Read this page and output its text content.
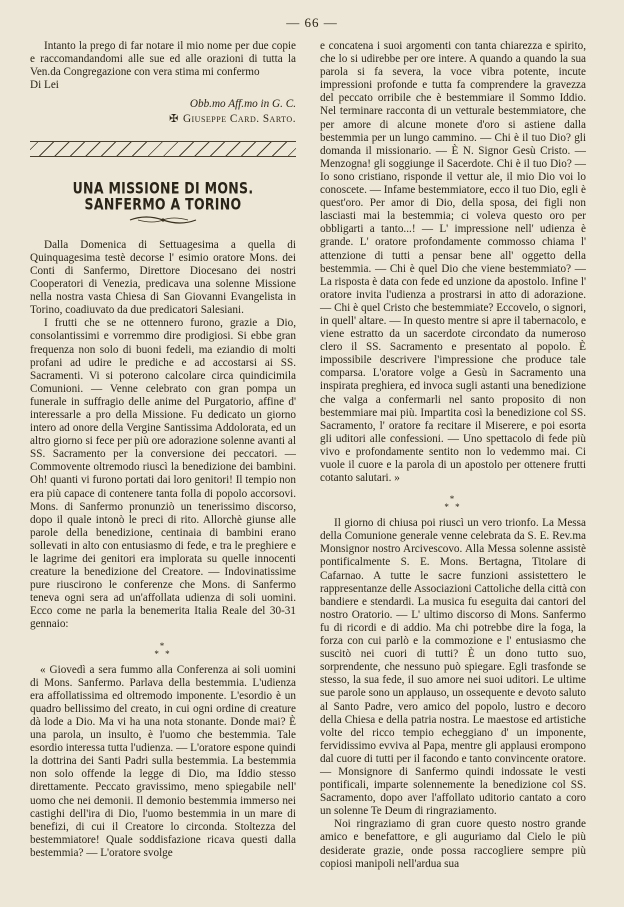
— 66 —

Intanto la prego di far notare il mio nome per due copie e raccomandandomi alle sue ed alle orazioni di tutta la Ven.da Congregazione con vera stima mi confermo

Di Lei

Obb.mo Aff.mo in G. C.

✠ Giuseppe Card. Sarto.

UNA MISSIONE DI MONS. SANFERMO A TORINO

Dalla Domenica di Settuagesima a quella di Quinquagesima testè decorse l' esimio oratore Mons. dei Conti di Sanfermo, Direttore Diocesano dei nostri Cooperatori di Venezia, predicava una solenne Missione nella nostra vasta Chiesa di San Giovanni Evangelista in Torino, coadiuvato da due predicatori Salesiani.

I frutti che se ne ottennero furono, grazie a Dio, consolantissimi e vorremmo dire prodigiosi. Si ebbe gran frequenza non solo di buoni fedeli, ma eziandio di molti profani ad udire le prediche e ad accostarsi ai SS. Sacramenti. Vi si poterono calcolare circa quindicimila Comunioni. — Venne celebrato con gran pompa un funerale in suffragio delle anime del Purgatorio, affine d' interessarle a pro della Missione. Fu dedicato un giorno intero ad onore della Vergine Santissima Addolorata, ed un altro giorno si fece per più ore adorazione solenne avanti al SS. Sacramento per la conversione dei peccatori. — Commovente oltremodo riuscì la benedizione dei bambini. Oh! quanti vi furono portati dai loro genitori! Il tempio non era più capace di contenere tanta folla di popolo accorsovi. Mons. di Sanfermo pronunziò un tenerissimo discorso, dopo il quale intonò le preci di rito. Allorchè giunse alle parole della benedizione, centinaia di bambini erano sollevati in alto con entusiasmo di fede, e tra le preghiere e le lagrime dei genitori era implorata su quelle innocenti creature la benedizione del Creatore. — Indovinatissime pure riuscirono le conferenze che Mons. di Sanfermo teneva ogni sera ad un'affollata udienza di soli uomini. Ecco come ne parla la benemerita Italia Reale del 30-31 gennaio:

*
* *

« Giovedì a sera fummo alla Conferenza ai soli uomini di Mons. Sanfermo. Parlava della bestemmia. L'udienza era affollatissima ed oltremodo imponente. L'esordio è un quadro bellissimo del creato, in cui ogni ordine di creature dà lode a Dio. Ma vi ha una nota stonante. Donde mai? È una parola, un insulto, è l'uomo che bestemmia. Tale esordio interessa tutta l'udienza. — L'oratore espone quindi la dottrina dei Santi Padri sulla bestemmia. La bestemmia non solo offende la legge di Dio, ma Iddio stesso direttamente. Peccato gravissimo, meno spiegabile nell' uomo che nei demonii. Il demonio bestemmia immerso nei castighi dell'ira di Dio, l'uomo bestemmia in un mare di benefizi, di cui il Creatore lo circonda. Stoltezza del bestemmiatore! Quale soddisfazione ricava questi dalla bestemmia? — L'oratore svolge

e concatena i suoi argomenti con tanta chiarezza e spirito, che lo si udirebbe per ore intere. A quando a quando la sua parola si fa severa, la voce vibra potente, incute impressioni profonde e tutta fa comprendere la gravezza del peccato orribile che è bestemmiare il Sommo Iddio. Nel terminare racconta di un vetturale bestemmiatore, che per amore di alcune monete d'oro si astiene dalla bestemmia per un lungo cammino. — Chi è il tuo Dio? gli domanda il missionario. — È N. Signor Gesù Cristo. — Menzogna! gli soggiunge il Sacerdote. Chi è il tuo Dio? — Io sono cristiano, risponde il vettur ale, il mio Dio voi lo conoscete. — Infame bestemmiatore, ecco il tuo Dio, egli è quest'oro. Per amor di Dio, della sposa, dei figli non lasciasti mai la bestemmia; ci voleva questo oro per obbligarti a tanto...! — L' impressione nell' udienza è grande. L' oratore profondamente commosso chiama l' attenzione di tutti a pensar bene all' oggetto della bestemmia. — Chi è quel Dio che viene bestemmiato? — La risposta è data con fede ed unzione da apostolo. Infine l' oratore invita l'udienza a prostrarsi in atto di adorazione. — Chi è quel Cristo che bestemmiate? Eccovelo, o signori, in quell' altare. — In questo mentre si apre il tabernacolo, e viene estratto da un sacerdote circondato da numeroso clero il SS. Sacramento e presentato al popolo. È impossibile descrivere l'impressione che produce tale comparsa. L'oratore volge a Gesù in Sacramento una inspirata preghiera, ed invoca sugli astanti una benedizione che valga a confermarli nel santo proposito di non bestemmiare mai più. Impartita così la benedizione col SS. Sacramento, l' oratore fa recitare il Miserere, e poi esorta gli uditori alle confessioni. — Uno spettacolo di fede più vivo e profondamente sentito non lo vedemmo mai. Ci vuole il cuore e la parola di un apostolo per ottenere frutti cotanto salutari. »

*
* *

Il giorno di chiusa poi riuscì un vero trionfo. La Messa della Comunione generale venne celebrata da S. E. Rev.ma Monsignor nostro Arcivescovo. Alla Messa solenne assistè pontificalmente S. E. Mons. Bertagna, Titolare di Cafarnao. A tutte le sacre funzioni assistettero le rappresentanze delle Associazioni Cattoliche della città con bandiere e stendardi. La musica fu eseguita dai cantori del nostro Oratorio. — L' ultimo discorso di Mons. Sanfermo fu di ricordi e di addio. Ma chi potrebbe dire la foga, la forza con cui parlò e la commozione e l' entusiasmo che suscitò nei cuori di tutti? È un dono tutto suo, sorprendente, che nessuno può spiegare. Egli trasfonde se stesso, la sua fede, il suo amore nei suoi uditori. Le ultime sue parole sono un applauso, un ossequente e devoto saluto al Santo Padre, vero amico del popolo, lustro e decoro della Chiesa e della patria nostra. Le maestose ed artistiche volte del ricco tempio echeggiano d' un imponente, fervidissimo evviva al Papa, mentre gli applausi erompono dal cuore di tutti per il facondo e tanto convincente oratore. — Monsignore di Sanfermo quindi indossate le vesti pontificali, imparte solennemente la benedizione col SS. Sacramento, dopo aver l'affollato uditorio cantato a coro un solenne Te Deum di ringraziamento.

Noi ringraziamo di gran cuore questo nostro grande amico e benefattore, e gli auguriamo dal Cielo le più desiderate grazie, onde possa raccogliere sempre più copiosi manipoli nell'ardua sua
